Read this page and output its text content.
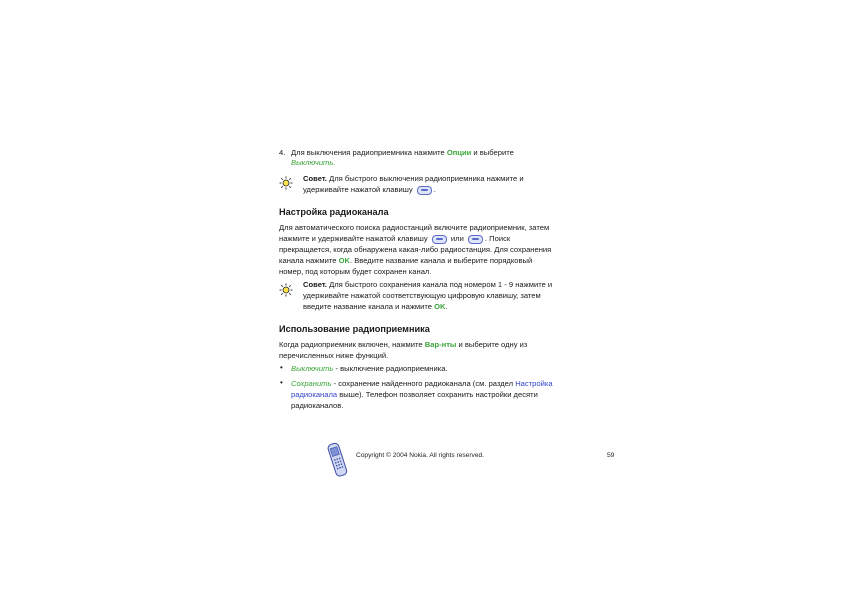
4. Для выключения радиоприемника нажмите Опции и выберите
Выключить.
Совет. Для быстрого выключения радиоприемника нажмите и
удерживайте нажатой клавишу	.
Настройка радиоканала
Для автоматического поиска радиостанций включите радиоприемник, затем
нажмите и удерживайте нажатой клавишу	или	. Поиск
прекращается, когда обнаружена какая-либо радиостанция. Для сохранения
канала нажмите OK. Введите название канала и выберите порядковый
номер, под которым будет сохранен канал.
Совет. Для быстрого сохранения канала под номером 1 - 9 нажмите и
удерживайте нажатой соответствующую цифровую клавишу, затем
введите название канала и нажмите OK.
Использование радиоприемника
Когда радиоприемник включен, нажмите Вар-нты и выберите одну из
перечисленных ниже функций.
• Выключить - выключение радиоприемника.
• Сохранить - сохранение найденного радиоканала (см. раздел Настройка
радиоканала выше). Телефон позволяет сохранить настройки десяти
радиоканалов.
Copyright © 2004 Nokia. All rights reserved.	59
